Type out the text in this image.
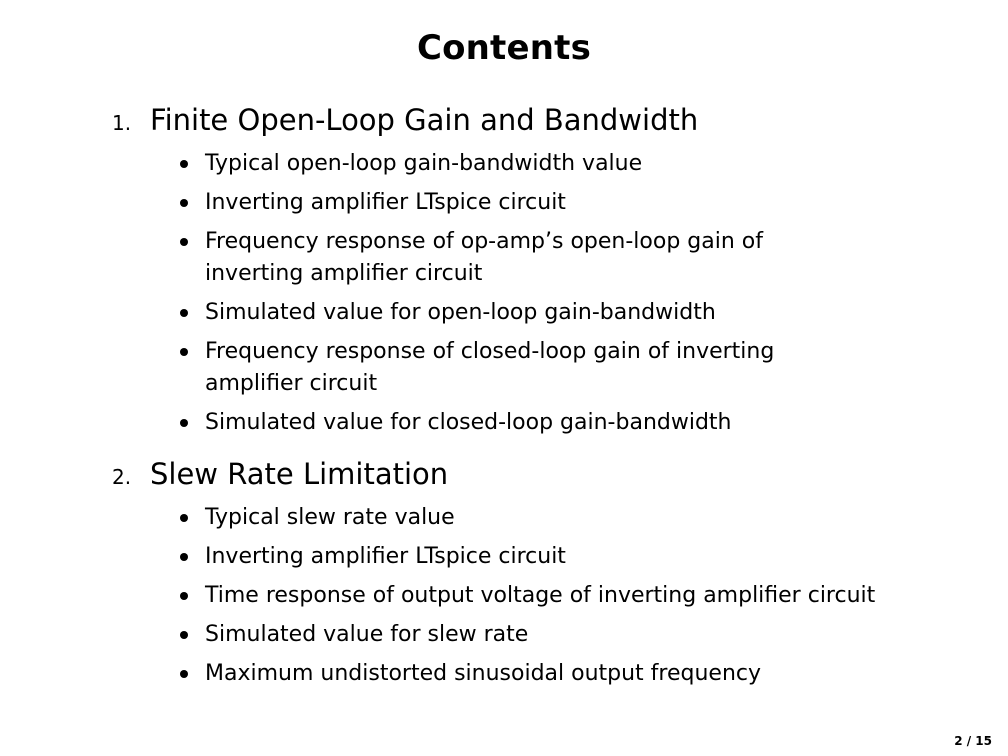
Contents
1. Finite Open-Loop Gain and Bandwidth
Typical open-loop gain-bandwidth value
Inverting amplifier LTspice circuit
Frequency response of op-amp’s open-loop gain of inverting amplifier circuit
Simulated value for open-loop gain-bandwidth
Frequency response of closed-loop gain of inverting amplifier circuit
Simulated value for closed-loop gain-bandwidth
2. Slew Rate Limitation
Typical slew rate value
Inverting amplifier LTspice circuit
Time response of output voltage of inverting amplifier circuit
Simulated value for slew rate
Maximum undistorted sinusoidal output frequency
2 / 15
